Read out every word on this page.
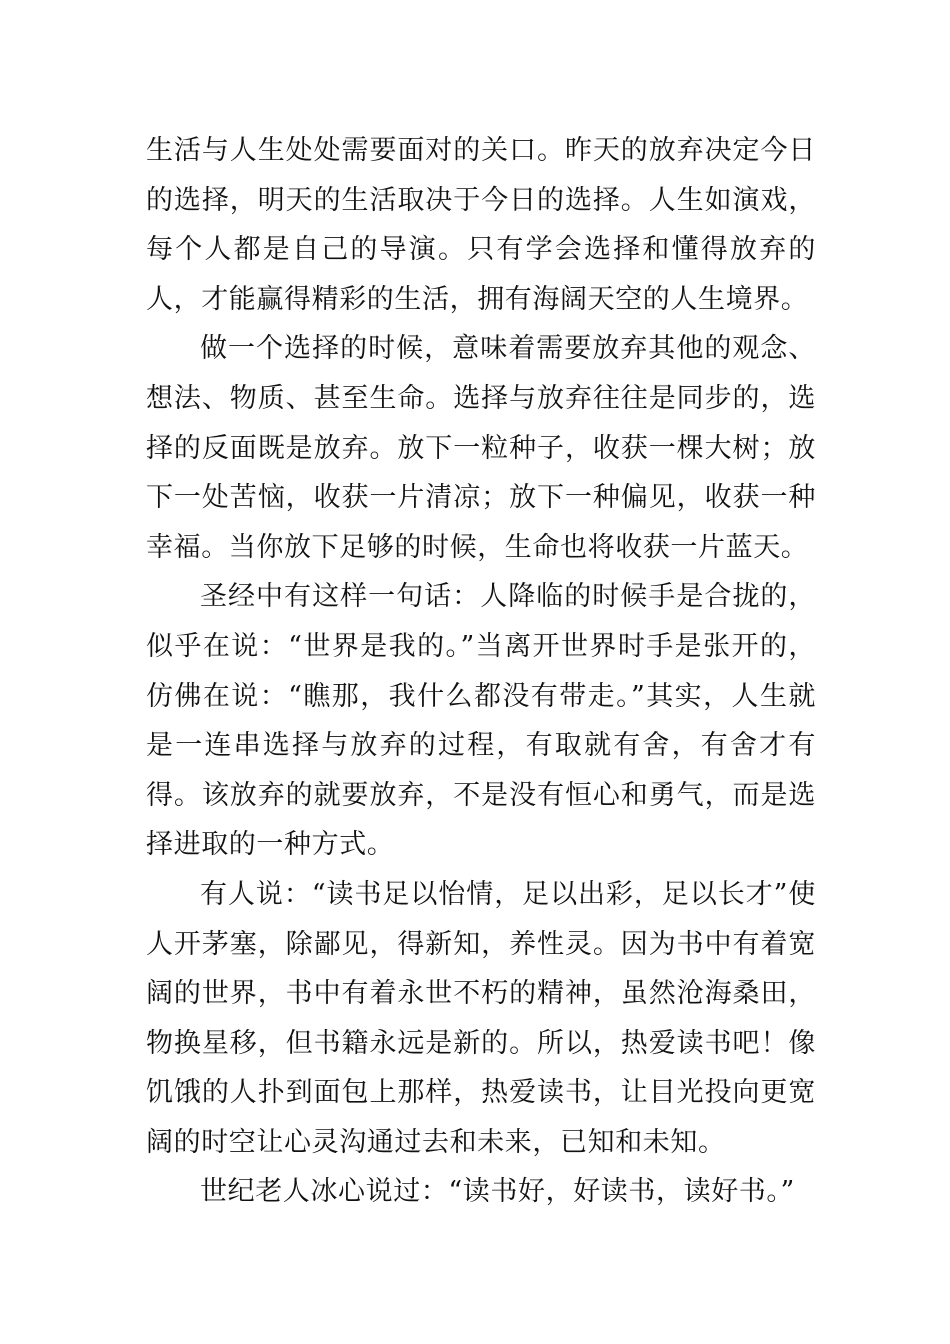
生活与人生处处需要面对的关口。昨天的放弃决定今日的选择，明天的生活取决于今日的选择。人生如演戏，每个人都是自己的导演。只有学会选择和懂得放弃的人，才能赢得精彩的生活，拥有海阔天空的人生境界。

做一个选择的时候，意味着需要放弃其他的观念、想法、物质、甚至生命。选择与放弃往往是同步的，选择的反面既是放弃。放下一粒种子，收获一棵大树；放下一处苦恼，收获一片清凉；放下一种偏见，收获一种幸福。当你放下足够的时候，生命也将收获一片蓝天。

圣经中有这样一句话：人降临的时候手是合拢的，似乎在说：“世界是我的。”当离开世界时手是张开的，仿佛在说：“瞧那，我什么都没有带走。”其实，人生就是一连串选择与放弃的过程，有取就有舍，有舍才有得。该放弃的就要放弃，不是没有恒心和勇气，而是选择进取的一种方式。

有人说：“读书足以怡情，足以出彩，足以长才”使人开茅塞，除鄙见，得新知，养性灵。因为书中有着宽阔的世界，书中有着永世不朽的精神，虽然沧海桑田，物换星移，但书籍永远是新的。所以，热爱读书吧！像饥饿的人扑到面包上那样，热爱读书，让目光投向更宽阔的时空让心灵沟通过去和未来，已知和未知。

世纪老人冰心说过：“读书好，好读书，读好书。”
